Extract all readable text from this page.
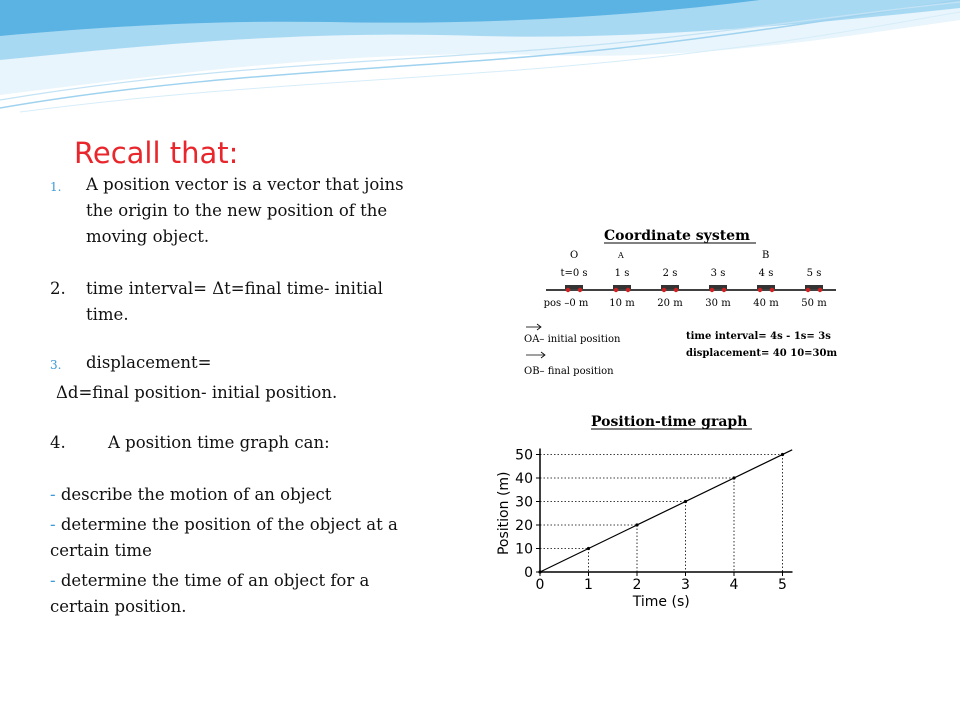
Recall that:
1.	A position vector is a vector that joins the origin to the new position of the moving object.
2.	time interval= Δt=final time- initial time.
3.	displacement=
Δd=final position- initial position.
4.	A position time graph can:
- describe the motion of an object
- determine the position of the object at a certain time
- determine the time of an object for a certain position.
Coordinate system
O	A	B
t=0 s	1 s	2 s	3 s	4 s	5 s
pos –0 m 10 m 20 m 30 m 40 m 50 m
OA– initial position
OB– final position
time interval= 4s - 1s= 3s
displacement= 40 10=30m
Position-time graph
0	1	2	3	4	5
0
10
20
30
40
50
Time (s)
Position (m)
